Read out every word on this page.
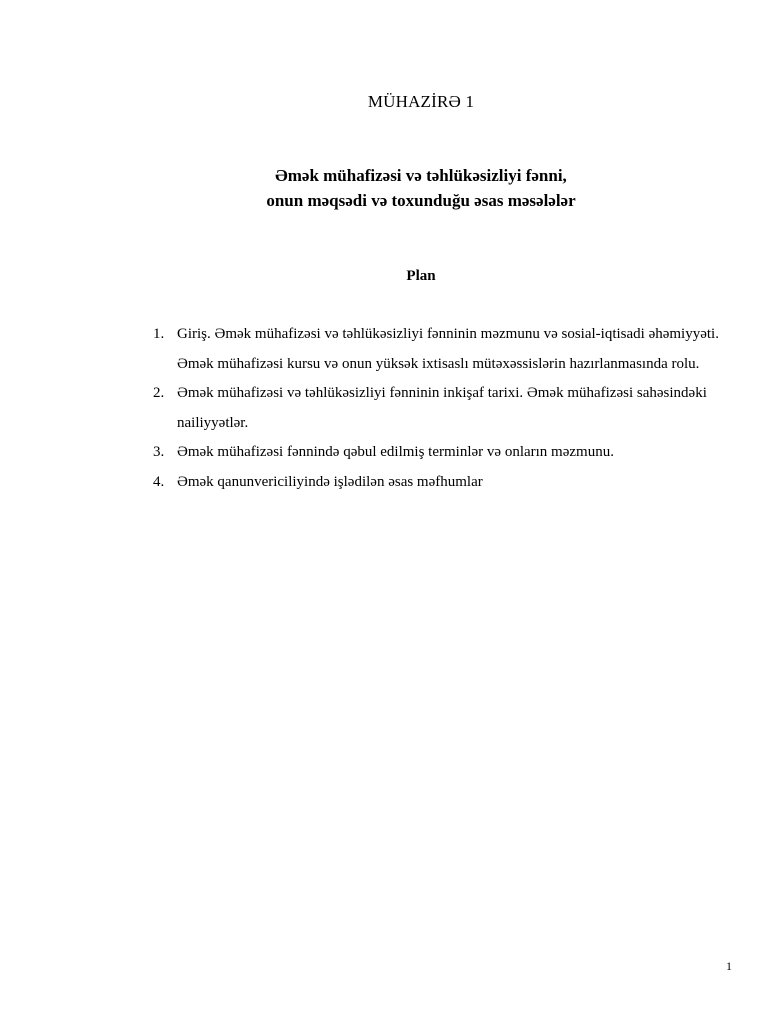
MÜHAZİRƏ 1
Əmək mühafizəsi və təhlükəsizliyi fənni,
onun məqsədi və toxunduğu əsas məsələlər
Plan
1. Giriş. Əmək mühafizəsi və təhlükəsizliyi fənninin məzmunu və sosial-iqtisadi əhəmiyyəti. Əmək mühafizəsi kursu və onun yüksək ixtisaslı mütəxəssislərin hazırlanmasında rolu.
2. Əmək mühafizəsi və təhlükəsizliyi fənninin inkişaf tarixi. Əmək mühafizəsi sahəsindəki nailiyyətlər.
3. Əmək mühafizəsi fənnində qəbul edilmiş terminlər və onların məzmunu.
4. Əmək qanunvericiliyində işlədilən əsas məfhumlar
1
